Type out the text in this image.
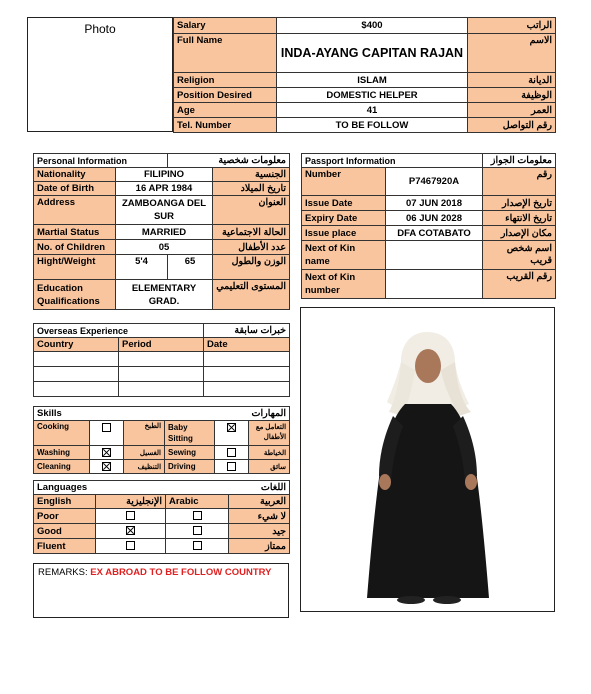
Photo	Salary	$400	الراتب
Full Name	INDA-AYANG CAPITAN RAJAN	الاسم
Religion	ISLAM	الديانة
Position Desired	DOMESTIC HELPER	الوظيفة
Age	41	العمر
Tel. Number	TO BE FOLLOW	رقم التواصل
Personal Information		معلومات شخصية	
Nationality	FILIPINO		الجنسية
Date of Birth	16 APR 1984		تاريخ الميلاد
Address	ZAMBOANGA DEL SUR		العنوان
Martial Status	MARRIED		الحالة الاجتماعية
No. of Children	05		عدد الأطفال
Hight/Weight	5'4	65	الوزن والطول
Education Qualifications	ELEMENTARY GRAD.		المستوى التعليمي
Passport Information		معلومات الجواز
Number	P7467920A	رقم
Issue Date	07 JUN 2018	تاريخ الإصدار
Expiry Date	06 JUN 2028	تاريخ الانتهاء
Issue place	DFA COTABATO	مكان الإصدار
Next of Kin name		اسم شخص قريب
Next of Kin number		رقم القريب
Overseas Experience		خبرات سابقة
Country	Period	Date

Skills			المهارات		
Cooking		الطبخ	Baby Sitting		التعامل مع الأطفال
Washing		الغسيل	Sewing		الخياطة
Cleaning		التنظيف	Driving		سائق
Languages		اللغات	
English	الإنجليزية	Arabic	العربية
Poor			لا شيء
Good			جيد
Fluent			ممتاز
REMARKS: EX ABROAD TO BE FOLLOW COUNTRY
